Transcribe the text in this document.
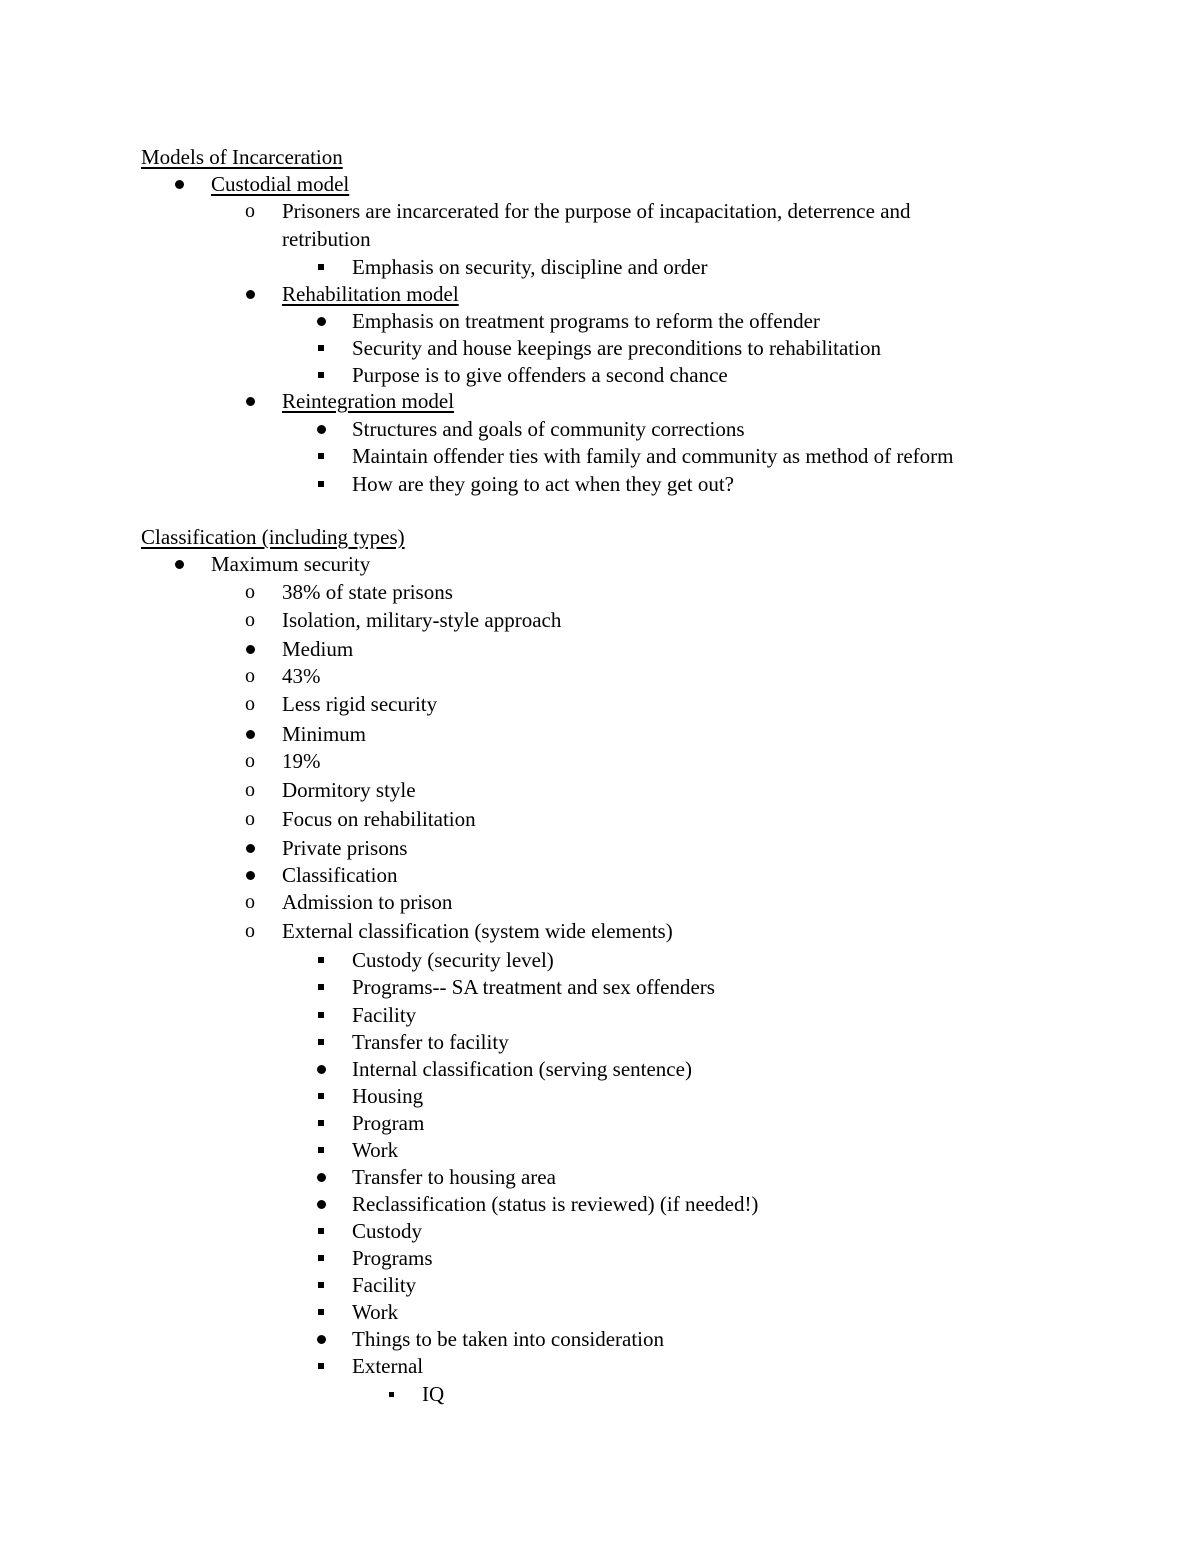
Models of Incarceration
Custodial model
o Prisoners are incarcerated for the purpose of incapacitation, deterrence and
retribution
Emphasis on security, discipline and order
Rehabilitation model
Emphasis on treatment programs to reform the offender
Security and house keepings are preconditions to rehabilitation
Purpose is to give offenders a second chance
Reintegration model
Structures and goals of community corrections
Maintain offender ties with family and community as method of reform
How are they going to act when they get out?
Classification (including types)
Maximum security
o 38% of state prisons
o Isolation, military-style approach
Medium
o 43%
o Less rigid security
Minimum
o 19%
o Dormitory style
o Focus on rehabilitation
Private prisons
Classification
o Admission to prison
o External classification (system wide elements)
Custody (security level)
Programs-- SA treatment and sex offenders
Facility
Transfer to facility
Internal classification (serving sentence)
Housing
Program
Work
Transfer to housing area
Reclassification (status is reviewed) (if needed!)
Custody
Programs
Facility
Work
Things to be taken into consideration
External
IQ
